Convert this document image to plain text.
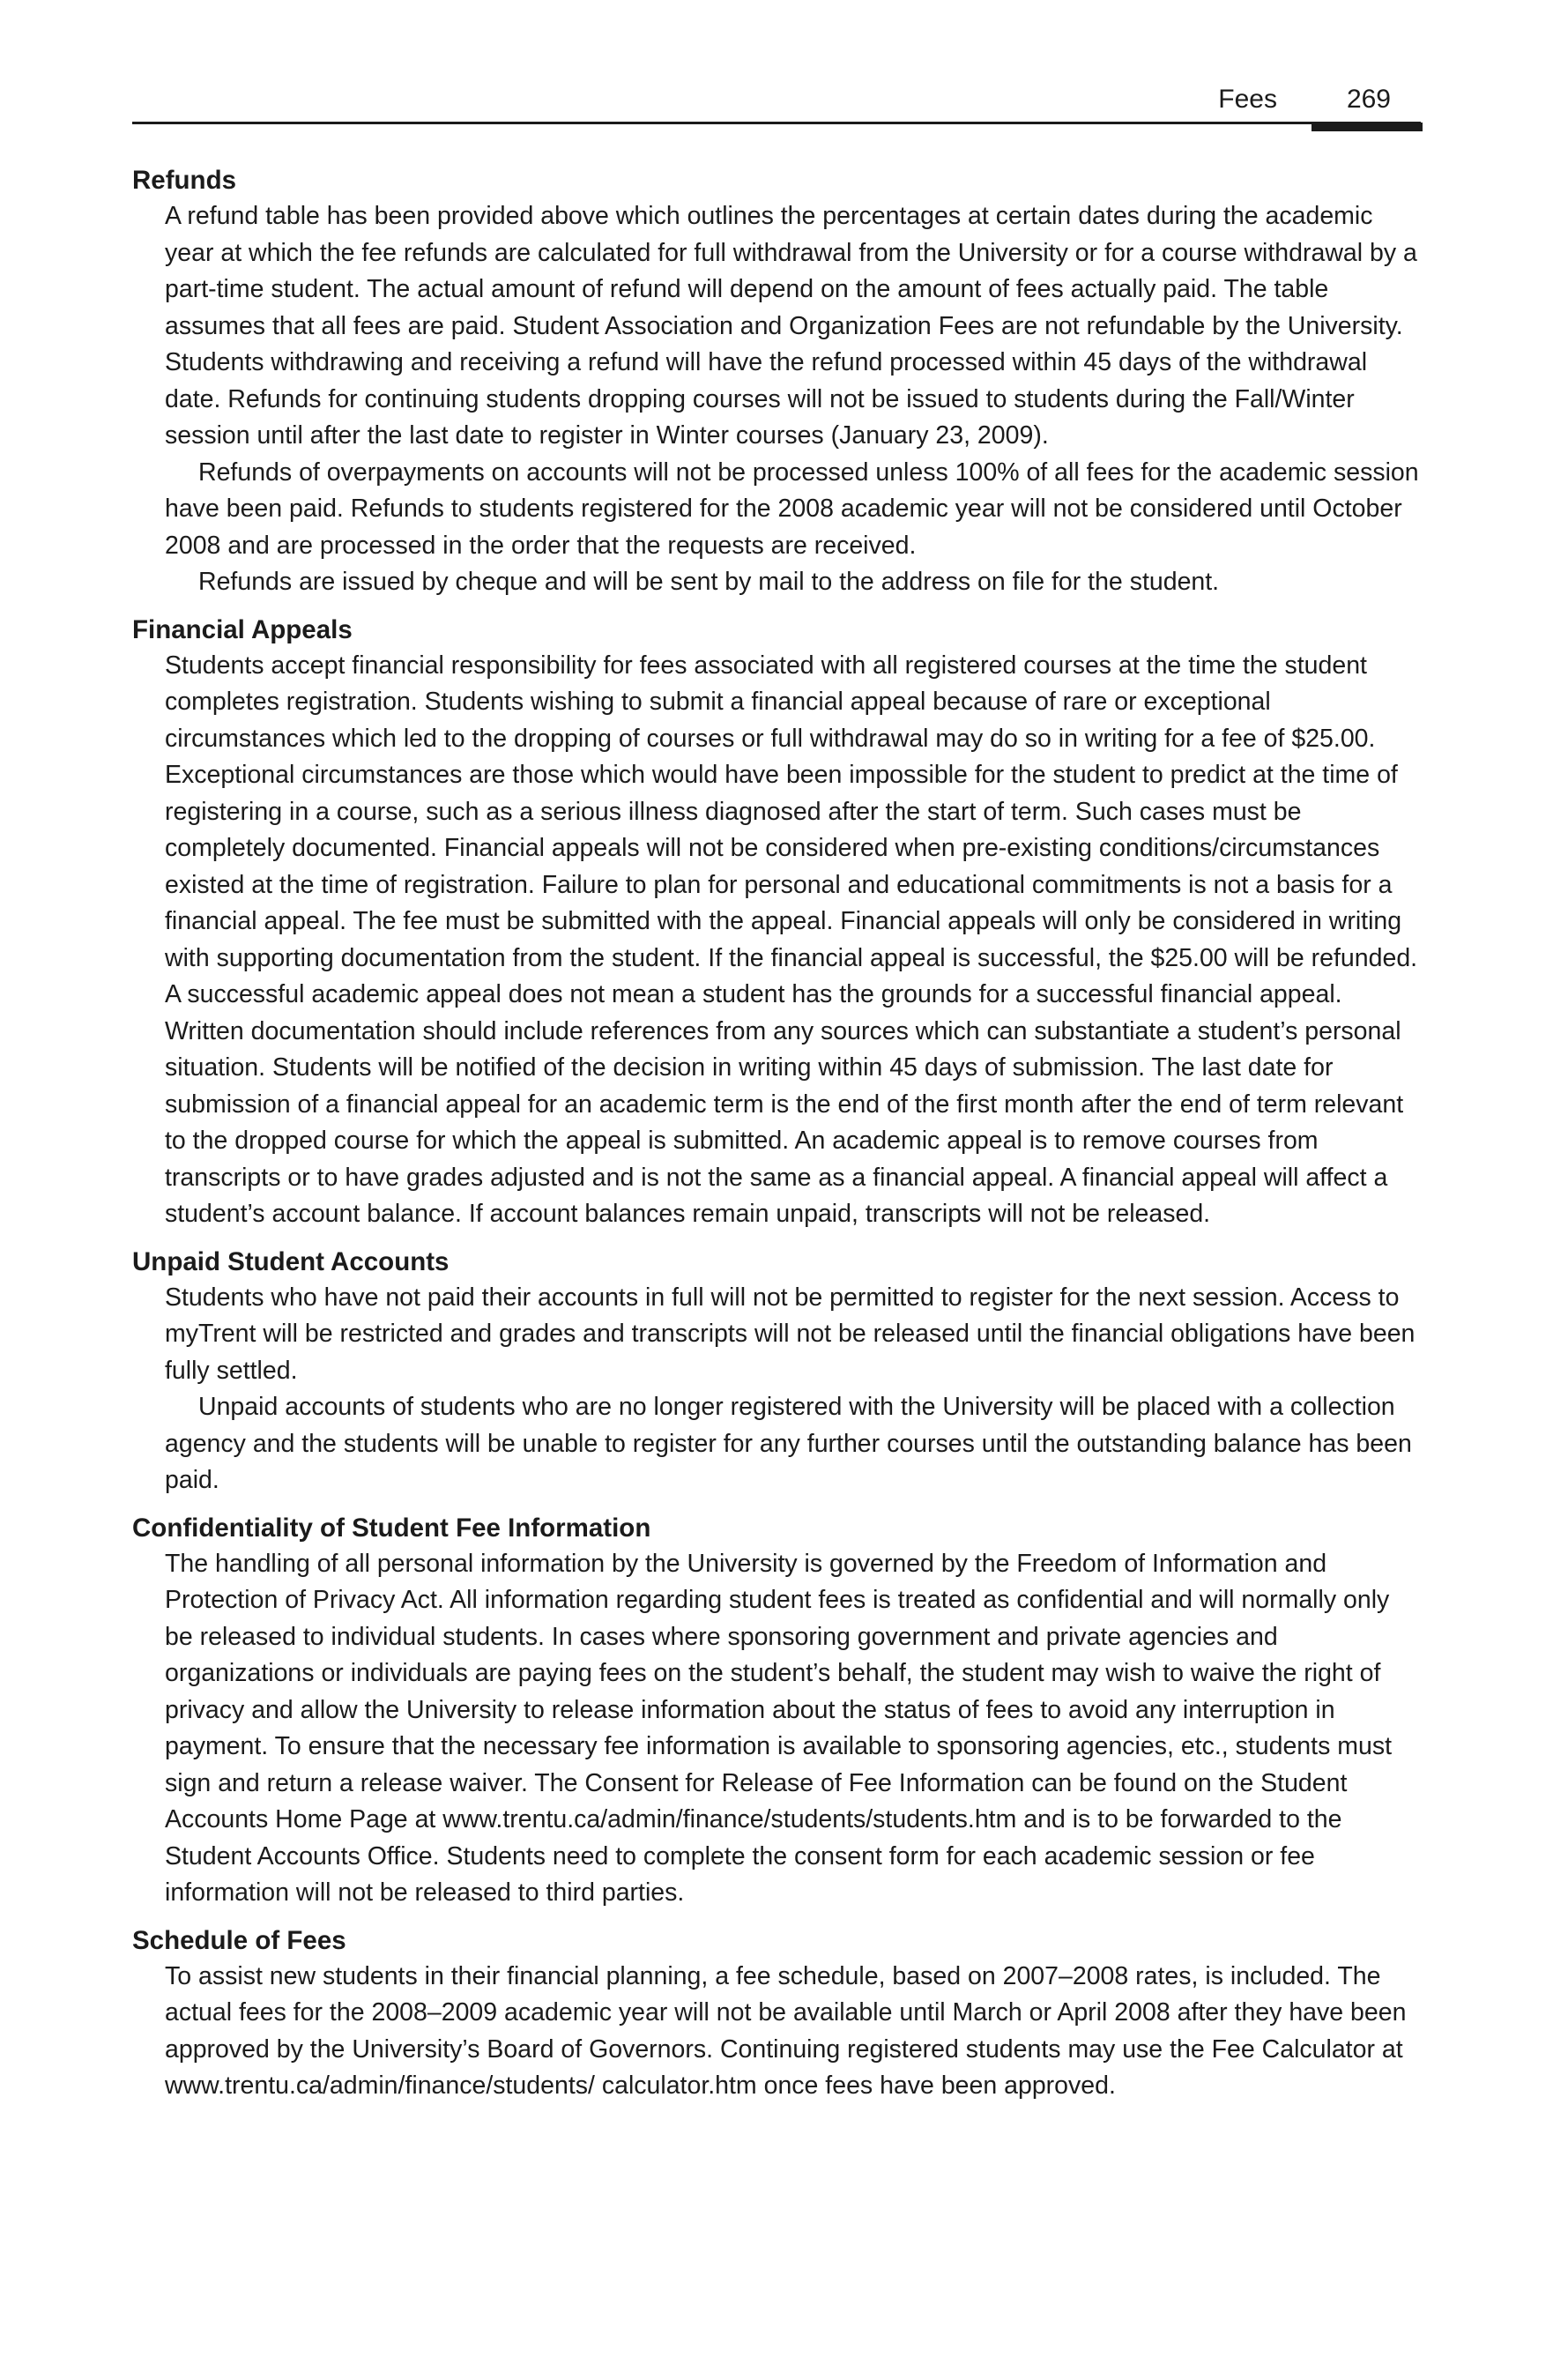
Fees	269
Refunds

A refund table has been provided above which outlines the percentages at certain dates during the academic year at which the fee refunds are calculated for full withdrawal from the University or for a course withdrawal by a part-time student. The actual amount of refund will depend on the amount of fees actually paid. The table assumes that all fees are paid. Student Association and Organization Fees are not refundable by the University. Students withdrawing and receiving a refund will have the refund processed within 45 days of the withdrawal date. Refunds for continuing students dropping courses will not be issued to students during the Fall/Winter session until after the last date to register in Winter courses (January 23, 2009).

Refunds of overpayments on accounts will not be processed unless 100% of all fees for the academic session have been paid. Refunds to students registered for the 2008 academic year will not be considered until October 2008 and are processed in the order that the requests are received.

Refunds are issued by cheque and will be sent by mail to the address on file for the student.

Financial Appeals

Students accept financial responsibility for fees associated with all registered courses at the time the student completes registration. Students wishing to submit a financial appeal because of rare or exceptional circumstances which led to the dropping of courses or full withdrawal may do so in writing for a fee of $25.00. Exceptional circumstances are those which would have been impossible for the student to predict at the time of registering in a course, such as a serious illness diagnosed after the start of term. Such cases must be completely documented. Financial appeals will not be considered when pre-existing conditions/circumstances existed at the time of registration. Failure to plan for personal and educational commitments is not a basis for a financial appeal. The fee must be submitted with the appeal. Financial appeals will only be considered in writing with supporting documentation from the student. If the financial appeal is successful, the $25.00 will be refunded. A successful academic appeal does not mean a student has the grounds for a successful financial appeal. Written documentation should include references from any sources which can substantiate a student’s personal situation. Students will be notified of the decision in writing within 45 days of submission. The last date for submission of a financial appeal for an academic term is the end of the first month after the end of term relevant to the dropped course for which the appeal is submitted. An academic appeal is to remove courses from transcripts or to have grades adjusted and is not the same as a financial appeal. A financial appeal will affect a student’s account balance. If account balances remain unpaid, transcripts will not be released.

Unpaid Student Accounts

Students who have not paid their accounts in full will not be permitted to register for the next session. Access to myTrent will be restricted and grades and transcripts will not be released until the financial obligations have been fully settled.

Unpaid accounts of students who are no longer registered with the University will be placed with a collection agency and the students will be unable to register for any further courses until the outstanding balance has been paid.

Confidentiality of Student Fee Information

The handling of all personal information by the University is governed by the Freedom of Information and Protection of Privacy Act. All information regarding student fees is treated as confidential and will normally only be released to individual students. In cases where sponsoring government and private agencies and organizations or individuals are paying fees on the student’s behalf, the student may wish to waive the right of privacy and allow the University to release information about the status of fees to avoid any interruption in payment. To ensure that the necessary fee information is available to sponsoring agencies, etc., students must sign and return a release waiver. The Consent for Release of Fee Information can be found on the Student Accounts Home Page at www.trentu.ca/admin/finance/students/students.htm and is to be forwarded to the Student Accounts Office. Students need to complete the consent form for each academic session or fee information will not be released to third parties.

Schedule of Fees

To assist new students in their financial planning, a fee schedule, based on 2007–2008 rates, is included. The actual fees for the 2008–2009 academic year will not be available until March or April 2008 after they have been approved by the University’s Board of Governors. Continuing registered students may use the Fee Calculator at www.trentu.ca/admin/finance/students/ calculator.htm once fees have been approved.
